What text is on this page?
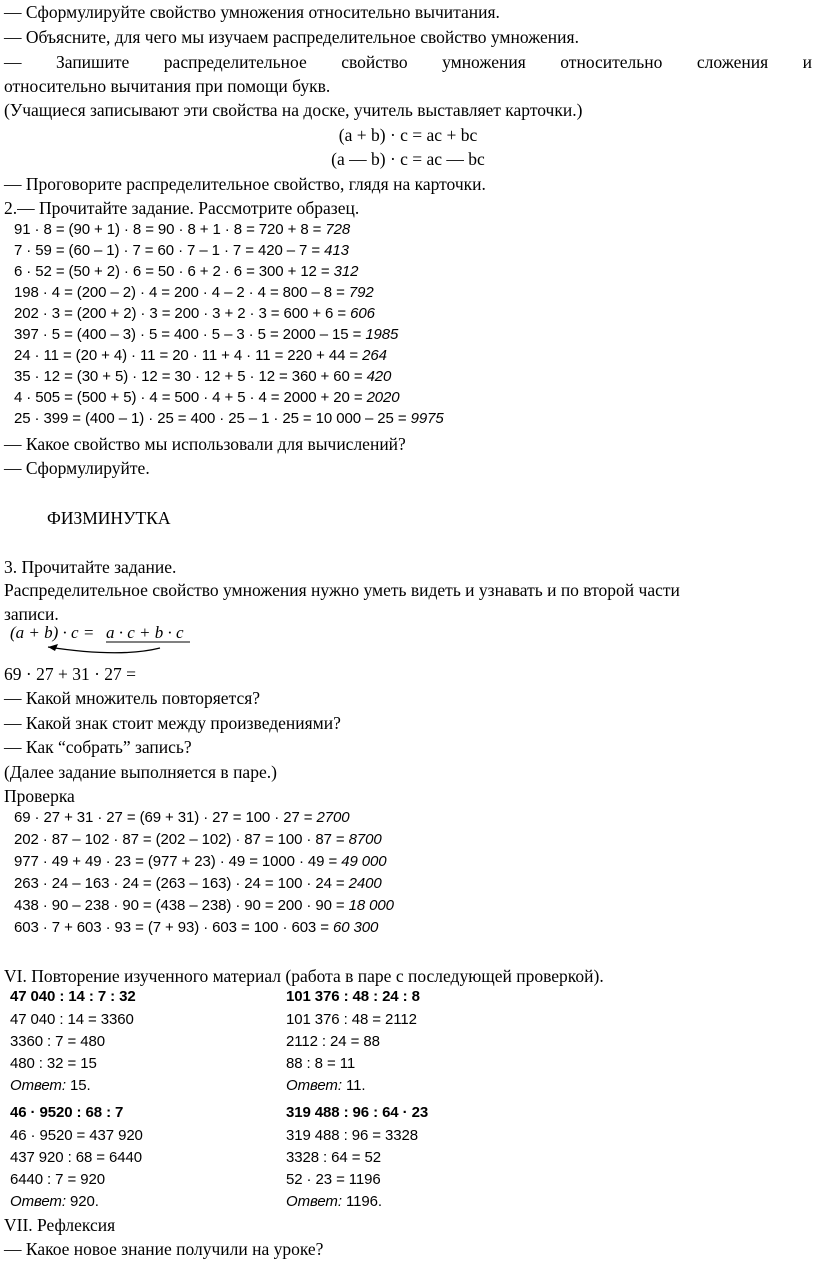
— Сформулируйте свойство умножения относительно вычитания.
— Объясните, для чего мы изучаем распределительное свойство умножения.
— Запишите распределительное свойство умножения относительно сложения и
относительно вычитания при помощи букв.
(Учащиеся записывают эти свойства на доске, учитель выставляет карточки.)
(a + b) · c = ac + bc
(a — b) · c = ac — bc
— Проговорите распределительное свойство, глядя на карточки.
2.— Прочитайте задание. Рассмотрите образец.
91 · 8 = (90 + 1) · 8 = 90 · 8 + 1 · 8 = 720 + 8 = 728
7 · 59 = (60 – 1) · 7 = 60 · 7 – 1 · 7 = 420 – 7 = 413
6 · 52 = (50 + 2) · 6 = 50 · 6 + 2 · 6 = 300 + 12 = 312
198 · 4 = (200 – 2) · 4 = 200 · 4 – 2 · 4 = 800 – 8 = 792
202 · 3 = (200 + 2) · 3 = 200 · 3 + 2 · 3 = 600 + 6 = 606
397 · 5 = (400 – 3) · 5 = 400 · 5 – 3 · 5 = 2000 – 15 = 1985
24 · 11 = (20 + 4) · 11 = 20 · 11 + 4 · 11 = 220 + 44 = 264
35 · 12 = (30 + 5) · 12 = 30 · 12 + 5 · 12 = 360 + 60 = 420
4 · 505 = (500 + 5) · 4 = 500 · 4 + 5 · 4 = 2000 + 20 = 2020
25 · 399 = (400 – 1) · 25 = 400 · 25 – 1 · 25 = 10 000 – 25 = 9975
— Какое свойство мы использовали для вычислений?
— Сформулируйте.
ФИЗМИНУТКА
3. Прочитайте задание.
Распределительное свойство умножения нужно уметь видеть и узнавать и по второй части
записи.
(a + b) · c = a · c + b · c
69 · 27 + 31 · 27 =
— Какой множитель повторяется?
— Какой знак стоит между произведениями?
— Как “собрать” запись?
(Далее задание выполняется в паре.)
Проверка
69 · 27 + 31 · 27 = (69 + 31) · 27 = 100 · 27 = 2700
202 · 87 – 102 · 87 = (202 – 102) · 87 = 100 · 87 = 8700
977 · 49 + 49 · 23 = (977 + 23) · 49 = 1000 · 49 = 49 000
263 · 24 – 163 · 24 = (263 – 163) · 24 = 100 · 24 = 2400
438 · 90 – 238 · 90 = (438 – 238) · 90 = 200 · 90 = 18 000
603 · 7 + 603 · 93 = (7 + 93) · 603 = 100 · 603 = 60 300
VI. Повторение изученного материал (работа в паре с последующей проверкой).
47 040 : 14 : 7 : 32
47 040 : 14 = 3360
3360 : 7 = 480
480 : 32 = 15
Ответ: 15.
101 376 : 48 : 24 : 8
101 376 : 48 = 2112
2112 : 24 = 88
88 : 8 = 11
Ответ: 11.
46 · 9520 : 68 : 7
46 · 9520 = 437 920
437 920 : 68 = 6440
6440 : 7 = 920
Ответ: 920.
319 488 : 96 : 64 · 23
319 488 : 96 = 3328
3328 : 64 = 52
52 · 23 = 1196
Ответ: 1196.
VII. Рефлексия
— Какое новое знание получили на уроке?
